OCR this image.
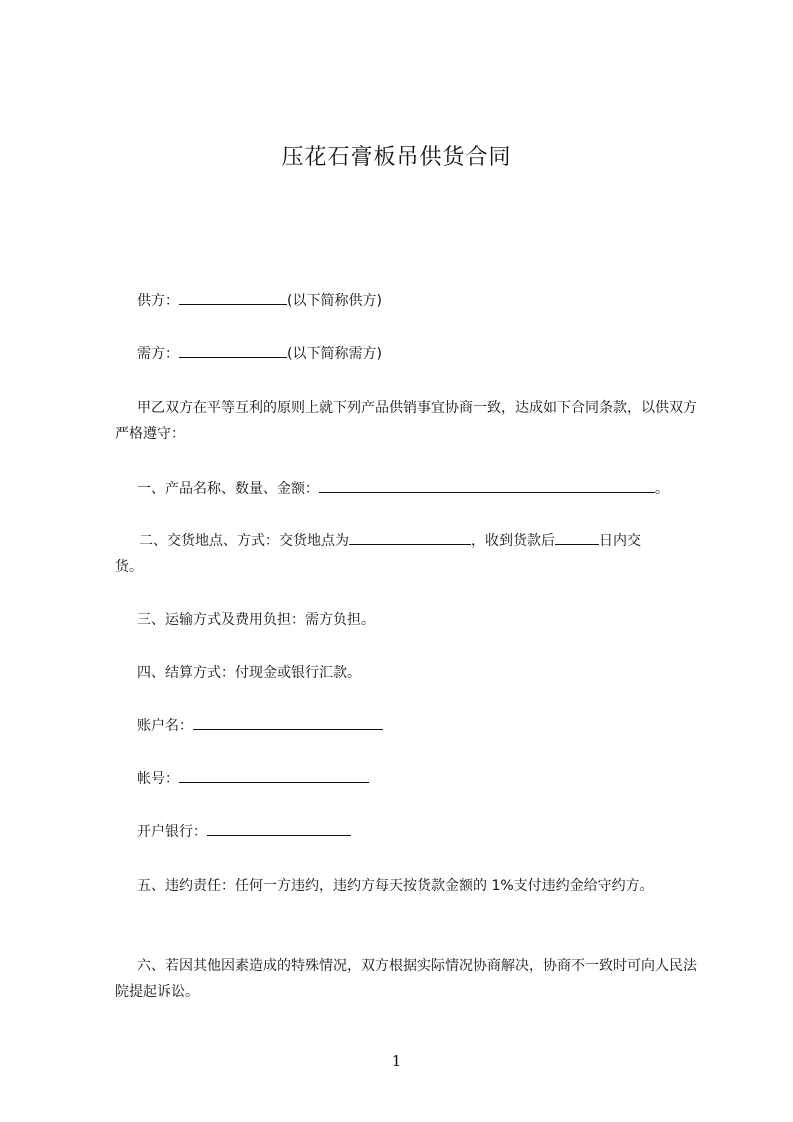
压花石膏板吊供货合同
供方：	(以下简称供方)
需方：	(以下简称需方)
甲乙双方在平等互利的原则上就下列产品供销事宜协商一致，达成如下合同条款，以供双方严格遵守：
一、产品名称、数量、金额：	。
二、交货地点、方式：交货地点为	，收到货款后	日内交
货。
三、运输方式及费用负担：需方负担。
四、结算方式：付现金或银行汇款。
账户名：
帐号：
开户银行：
五、违约责任：任何一方违约，违约方每天按货款金额的 1%支付违约金给守约方。
六、若因其他因素造成的特殊情况，双方根据实际情况协商解决，协商不一致时可向人民法院提起诉讼。
1
